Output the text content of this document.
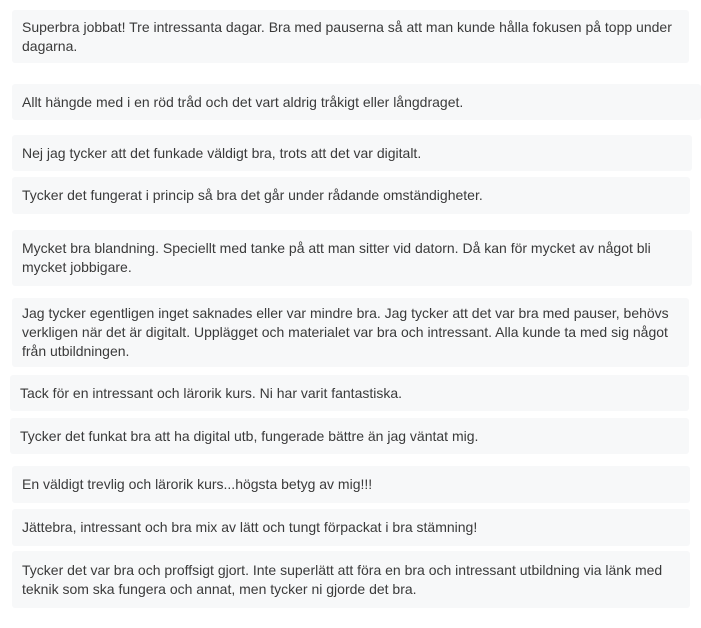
Superbra jobbat! Tre intressanta dagar. Bra med pauserna så att man kunde hålla fokusen på topp under dagarna.
Allt hängde med i en röd tråd och det vart aldrig tråkigt eller långdraget.
Nej jag tycker att det funkade väldigt bra, trots att det var digitalt.
Tycker det fungerat i princip så bra det går under rådande omständigheter.
Mycket bra blandning. Speciellt med tanke på att man sitter vid datorn. Då kan för mycket av något bli mycket jobbigare.
Jag tycker egentligen inget saknades eller var mindre bra. Jag tycker att det var bra med pauser, behövs verkligen när det är digitalt. Upplägget och materialet var bra och intressant. Alla kunde ta med sig något från utbildningen.
Tack för en intressant och lärorik kurs. Ni har varit fantastiska.
Tycker det funkat bra att ha digital utb, fungerade bättre än jag väntat mig.
En väldigt trevlig och lärorik kurs...högsta betyg av mig!!!
Jättebra, intressant och bra mix av lätt och tungt förpackat i bra stämning!
Tycker det var bra och proffsigt gjort. Inte superlätt att föra en bra och intressant utbildning via länk med teknik som ska fungera och annat, men tycker ni gjorde det bra.
